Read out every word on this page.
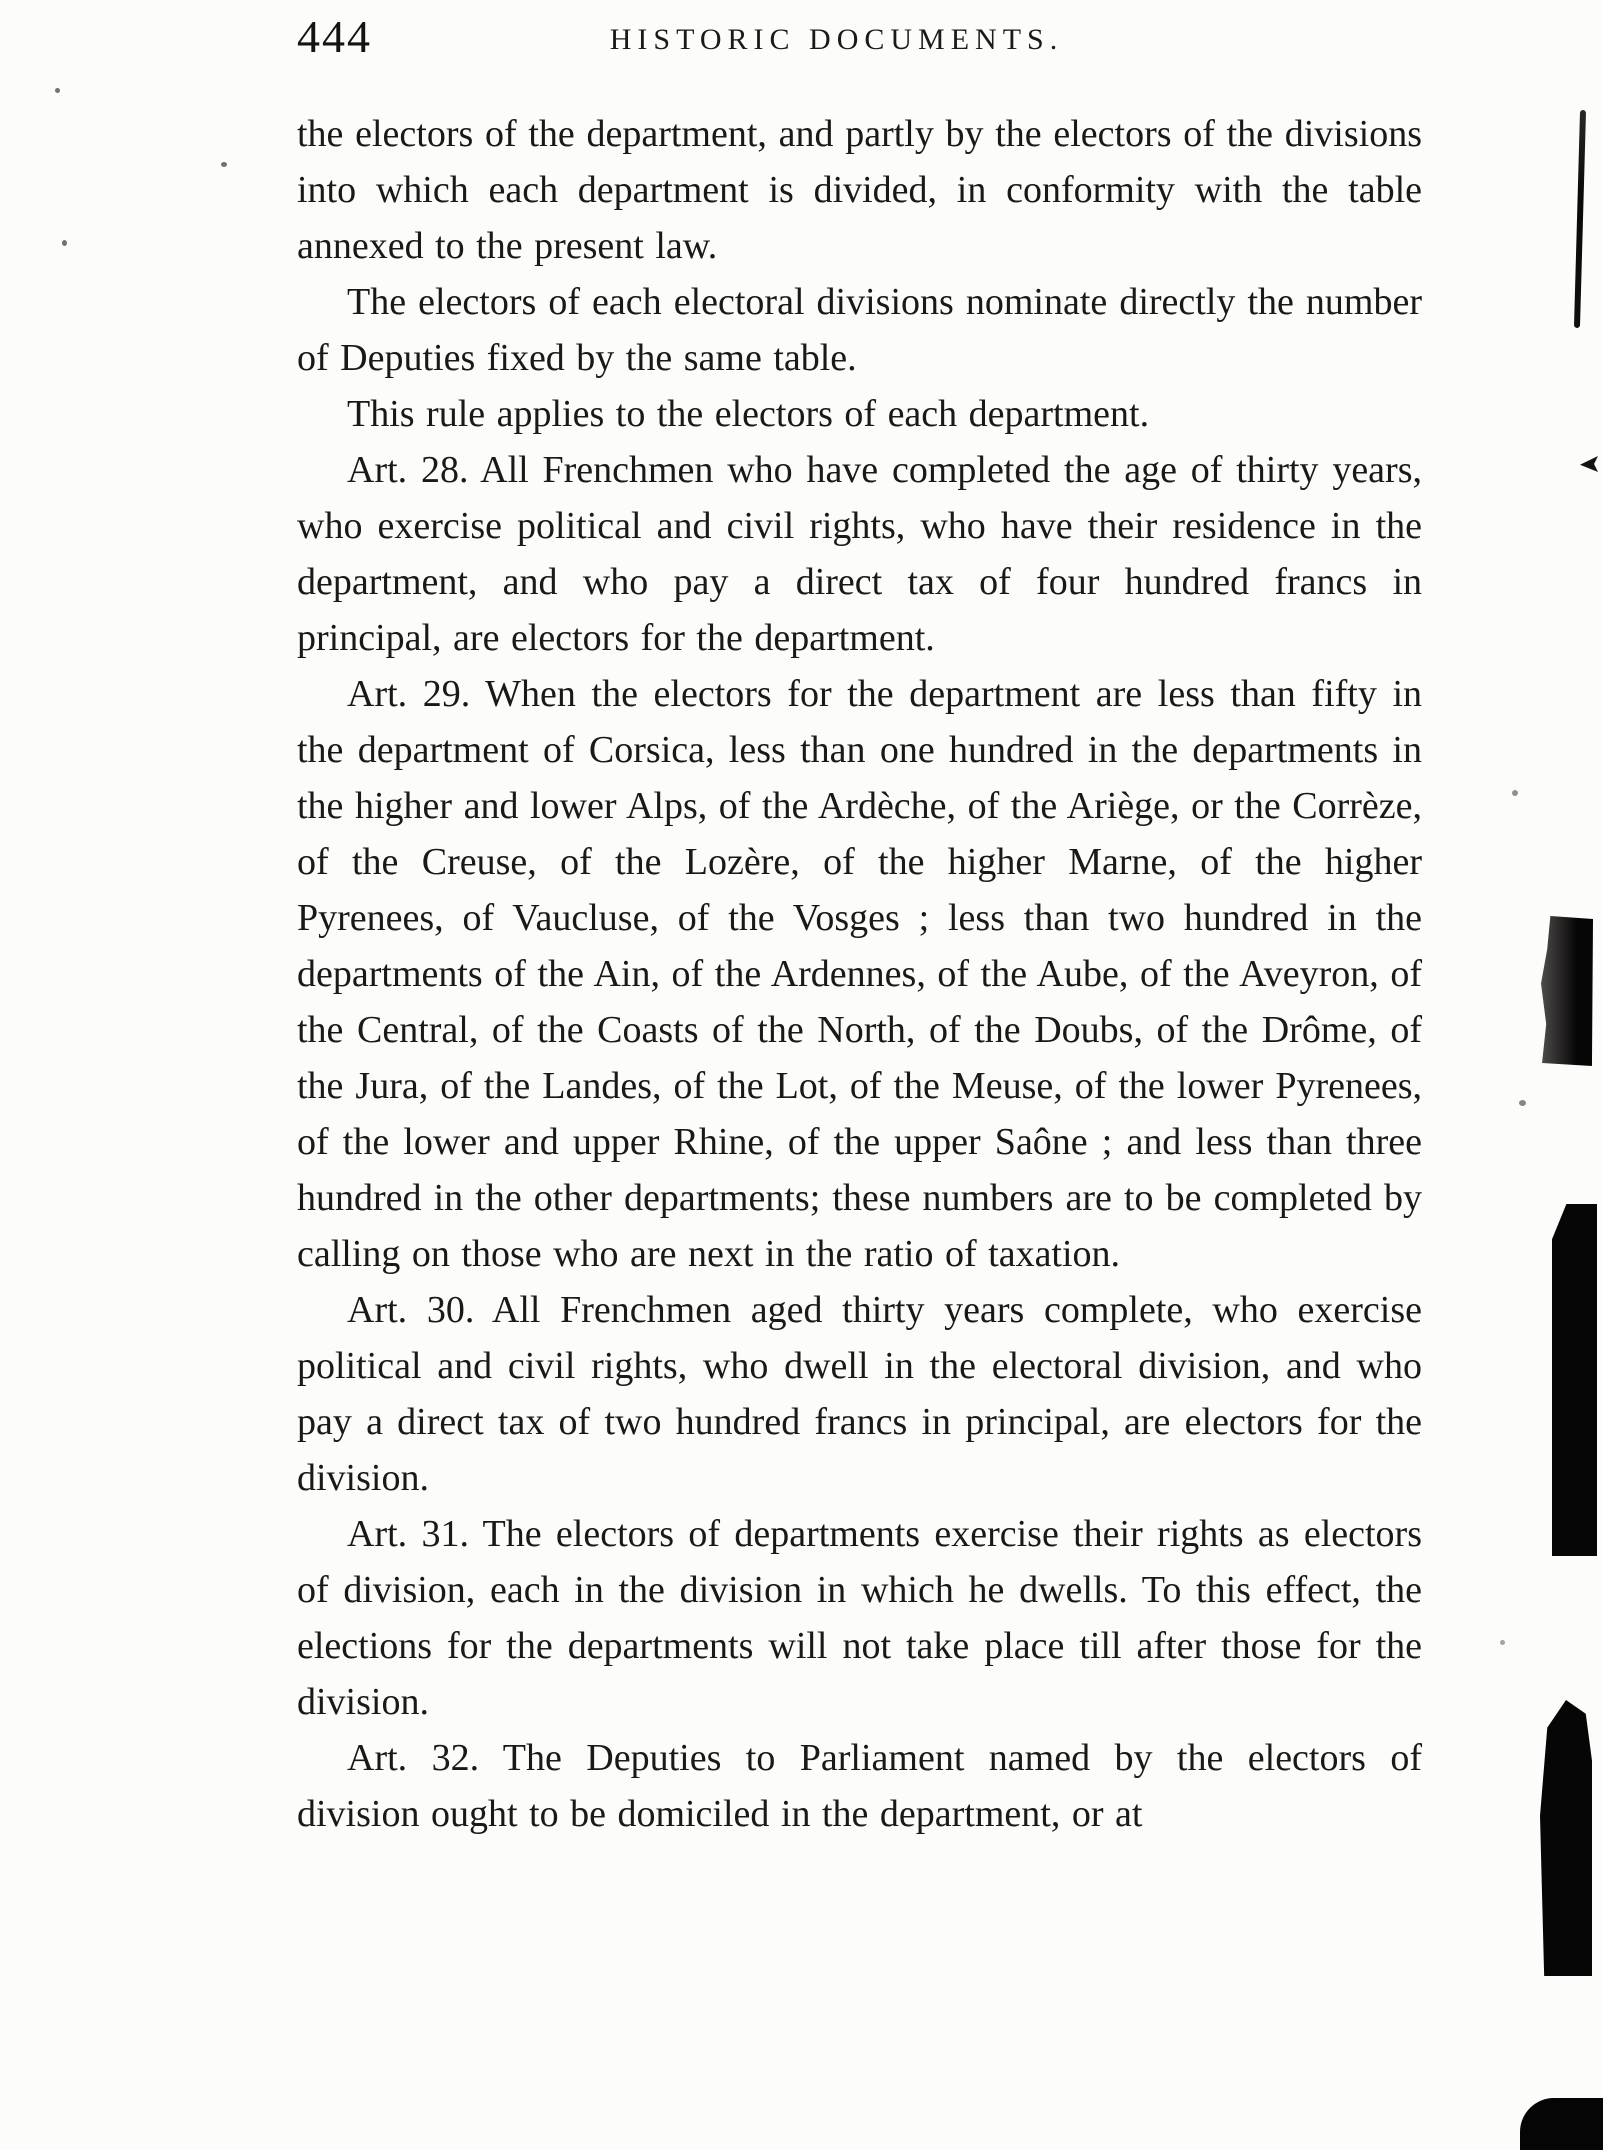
444	HISTORIC DOCUMENTS.

the electors of the department, and partly by the electors of the divisions into which each department is divided, in conformity with the table annexed to the present law.

The electors of each electoral divisions nominate directly the number of Deputies fixed by the same table.

This rule applies to the electors of each department.

Art. 28. All Frenchmen who have completed the age of thirty years, who exercise political and civil rights, who have their residence in the department, and who pay a direct tax of four hundred francs in principal, are electors for the department.

Art. 29. When the electors for the department are less than fifty in the department of Corsica, less than one hundred in the departments in the higher and lower Alps, of the Ardèche, of the Ariège, or the Corrèze, of the Creuse, of the Lozère, of the higher Marne, of the higher Pyrenees, of Vaucluse, of the Vosges ; less than two hundred in the departments of the Ain, of the Ardennes, of the Aube, of the Aveyron, of the Central, of the Coasts of the North, of the Doubs, of the Drôme, of the Jura, of the Landes, of the Lot, of the Meuse, of the lower Pyrenees, of the lower and upper Rhine, of the upper Saône ; and less than three hundred in the other departments; these numbers are to be completed by calling on those who are next in the ratio of taxation.

Art. 30. All Frenchmen aged thirty years complete, who exercise political and civil rights, who dwell in the electoral division, and who pay a direct tax of two hundred francs in principal, are electors for the division.

Art. 31. The electors of departments exercise their rights as electors of division, each in the division in which he dwells. To this effect, the elections for the departments will not take place till after those for the division.

Art. 32. The Deputies to Parliament named by the electors of division ought to be domiciled in the department, or at
